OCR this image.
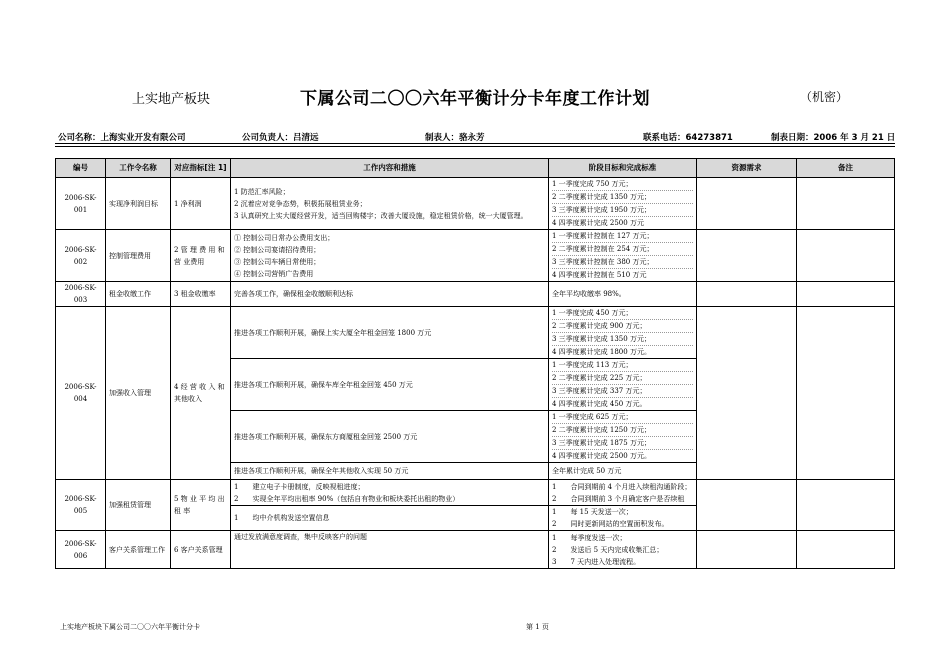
上实地产板块	下属公司二〇〇六年平衡计分卡年度工作计划	（机密）
公司名称：上海实业开发有限公司	公司负责人：吕清远	制表人：骆永芳	联系电话：64273871	制表日期：2006 年 3 月 21 日
编号	工作令名称	对应指标[注 1]	工作内容和措施	阶段目标和完成标准	资源需求	备注
2006-SK-001	实现净利润目标	1 净利润	1 防范汇率风险；
2 沉着应对竞争态势，积极拓展租赁业务；
3 认真研究上实大厦经营开发，适当回购楼宇；改善大厦设施，稳定租赁价格，统一大厦管理。	1 一季度完成 750 万元；
2 二季度累计完成 1350 万元；
3 三季度累计完成 1950 万元；
4 四季度累计完成 2500 万元		

2006-SK-002	控制管理费用	2 管 理 费 用 和 营 业费用	① 控制公司日常办公费用支出；
② 控制公司宴请招待费用；
③ 控制公司车辆日常使用；
④ 控制公司营销广告费用	1 一季度累计控制在 127 万元；
2 二季度累计控制在 254 万元；
3 三季度累计控制在 380 万元；
4 四季度累计控制在 510 万元		

2006-SK-003	租金收缴工作	3 租金收缴率	完善各项工作，确保租金收缴顺利达标	全年平均收缴率 98%。		
2006-SK-004	加强收入管理	4 经 营 收 入 和 其他收入	推进各项工作顺利开展，确保上实大厦全年租金回笼 1800 万元	1 一季度完成 450 万元；
2 二季度累计完成 900 万元；
3 三季度累计完成 1350 万元；
4 四季度累计完成 1800 万元。		

			推进各项工作顺利开展，确保车库全年租金回笼 450 万元	1 一季度完成 113 万元；
2 二季度累计完成 225 万元；
3 三季度累计完成 337 万元；
4 四季度累计完成 450 万元。		

			推进各项工作顺利开展，确保东方商厦租金回笼 2500 万元	1 一季度完成 625 万元；
2 二季度累计完成 1250 万元；
3 三季度累计完成 1875 万元；
4 四季度累计完成 2500 万元。		

			推进各项工作顺利开展，确保全年其他收入实现 50 万元	全年累计完成 50 万元		
2006-SK-005	加强租赁管理	5 物 业 平 均 出 租 率	1　　建立电子卡册制度，反映视租进度；
2　　实现全年平均出租率 90%（包括自有物业和板块委托出租的物业）	1　　合同到期前 4 个月进入续租沟通阶段；
2　　合同到期前 3 个月确定客户是否续租		

			1　　均中介机构发送空置信息	1　　每 15 天发送一次；
2　　同时更新网站的空置面积发布。		

2006-SK-006	客户关系管理工作	6 客户关系管理	通过发放满意度调查，集中反映客户的问题	1　　每季度发送一次；
2　　发送后 5 天内完成收集汇总；
3　　7 天内进入处理流程。		

上实地产板块下属公司二〇〇六年平衡计分卡	第 1 页
